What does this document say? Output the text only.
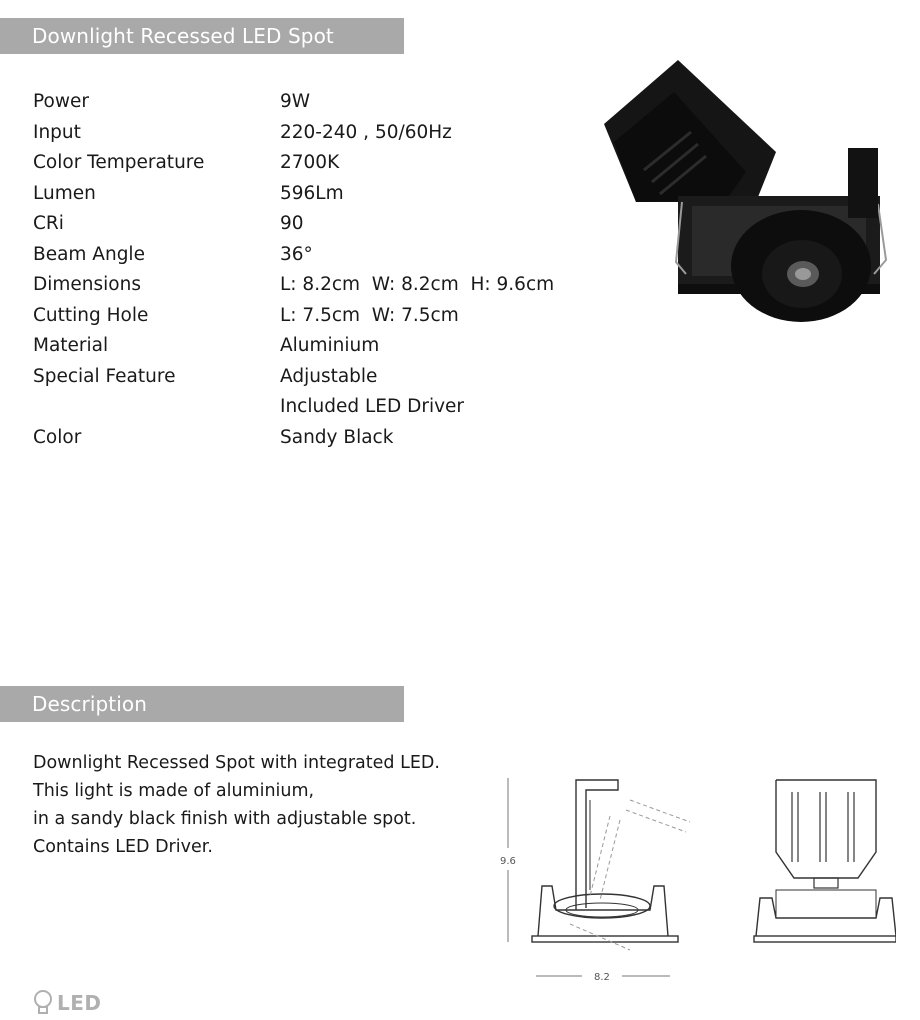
Downlight Recessed LED Spot
Power	9W
Input	220-240 , 50/60Hz
Color Temperature	2700K
Lumen	596Lm
CRi	90
Beam Angle	36°
Dimensions	L: 8.2cm  W: 8.2cm  H: 9.6cm
Cutting Hole	L: 7.5cm  W: 7.5cm
Material	Aluminium
Special Feature	Adjustable
Included LED Driver
Color	Sandy Black
Description
Downlight Recessed Spot with integrated LED.
This light is made of aluminium,
in a sandy black finish with adjustable spot.
Contains LED Driver.
9.6
8.2
LED
